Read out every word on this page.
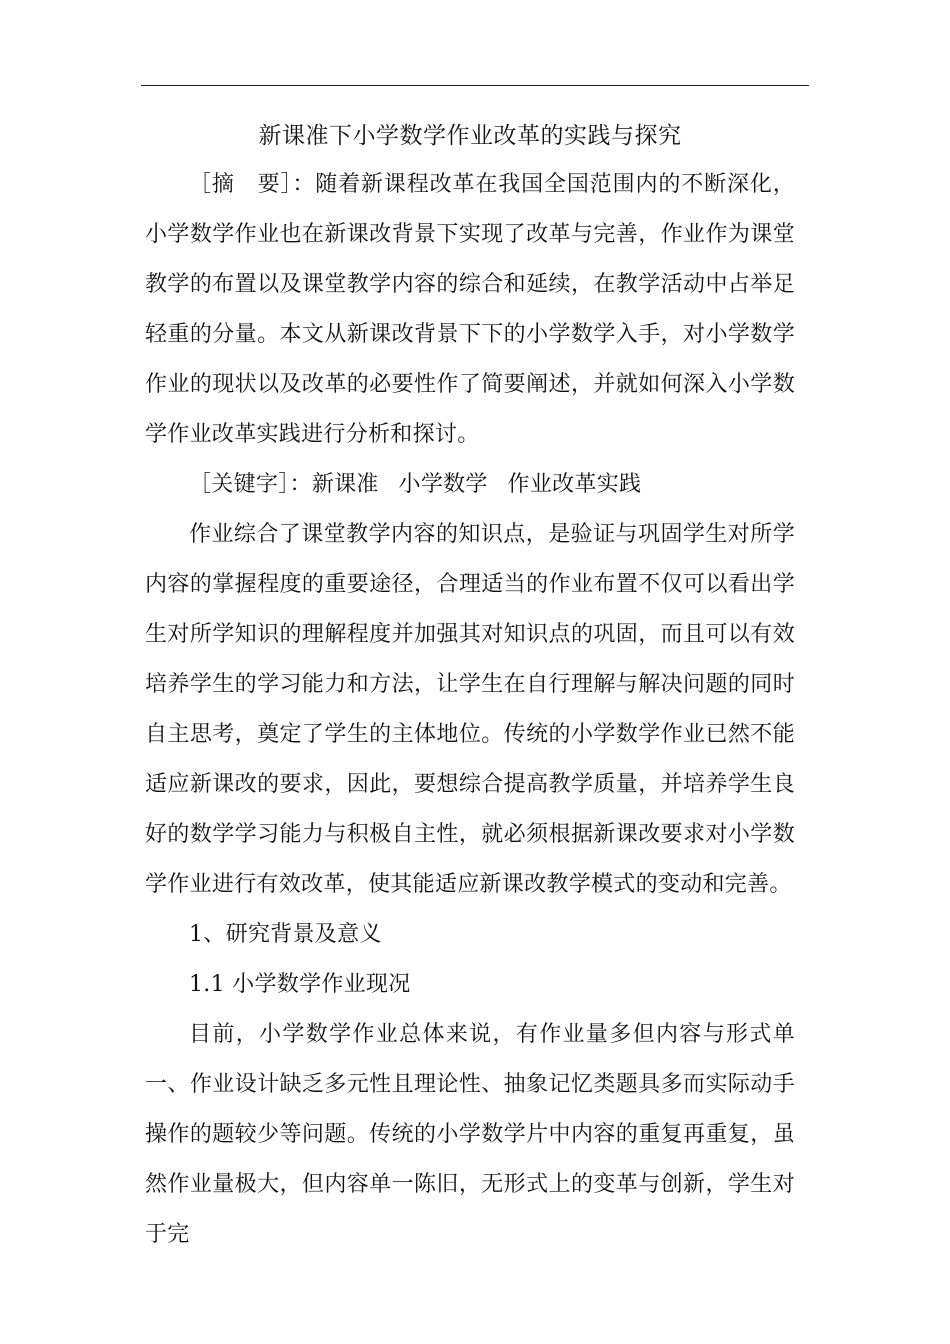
新课准下小学数学作业改革的实践与探究

［摘　要］：随着新课程改革在我国全国范围内的不断深化，小学数学作业也在新课改背景下实现了改革与完善，作业作为课堂教学的布置以及课堂教学内容的综合和延续，在教学活动中占举足轻重的分量。本文从新课改背景下下的小学数学入手，对小学数学作业的现状以及改革的必要性作了简要阐述，并就如何深入小学数学作业改革实践进行分析和探讨。

［关键字］：新课准 小学数学 作业改革实践

作业综合了课堂教学内容的知识点，是验证与巩固学生对所学内容的掌握程度的重要途径，合理适当的作业布置不仅可以看出学生对所学知识的理解程度并加强其对知识点的巩固，而且可以有效培养学生的学习能力和方法，让学生在自行理解与解决问题的同时自主思考，奠定了学生的主体地位。传统的小学数学作业已然不能适应新课改的要求，因此，要想综合提高教学质量，并培养学生良好的数学学习能力与积极自主性，就必须根据新课改要求对小学数学作业进行有效改革，使其能适应新课改教学模式的变动和完善。

1、研究背景及意义

1.1 小学数学作业现况

目前，小学数学作业总体来说，有作业量多但内容与形式单一、作业设计缺乏多元性且理论性、抽象记忆类题具多而实际动手操作的题较少等问题。传统的小学数学片中内容的重复再重复，虽然作业量极大，但内容单一陈旧，无形式上的变革与创新，学生对于完
